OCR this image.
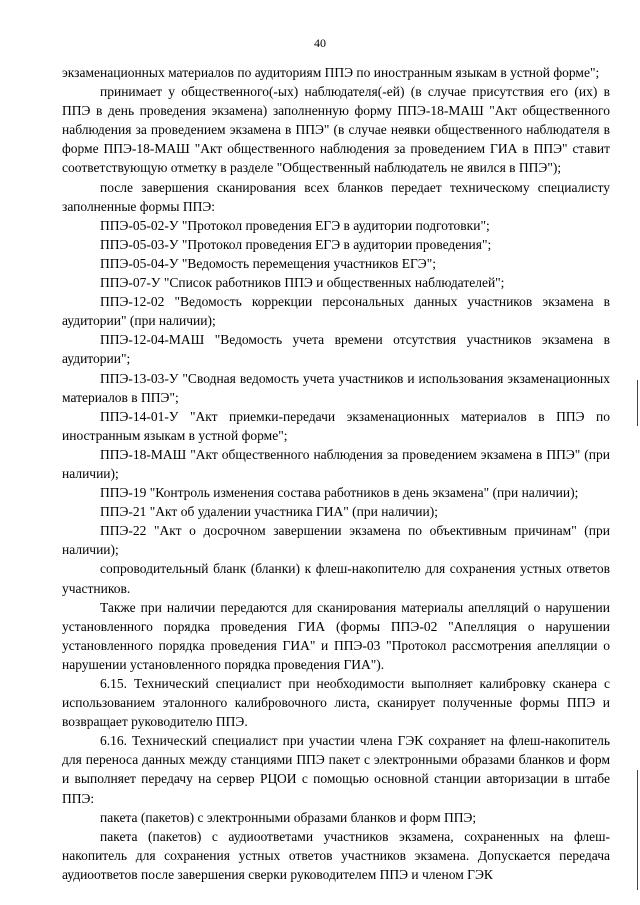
40

экзаменационных материалов по аудиториям ППЭ по иностранным языкам в устной форме";

принимает у общественного(-ых) наблюдателя(-ей) (в случае присутствия его (их) в ППЭ в день проведения экзамена) заполненную форму ППЭ-18-МАШ "Акт общественного наблюдения за проведением экзамена в ППЭ" (в случае неявки общественного наблюдателя в форме ППЭ-18-МАШ "Акт общественного наблюдения за проведением ГИА в ППЭ" ставит соответствующую отметку в разделе "Общественный наблюдатель не явился в ППЭ");

после завершения сканирования всех бланков передает техническому специалисту заполненные формы ППЭ:

ППЭ-05-02-У "Протокол проведения ЕГЭ в аудитории подготовки";

ППЭ-05-03-У "Протокол проведения ЕГЭ в аудитории проведения";

ППЭ-05-04-У "Ведомость перемещения участников ЕГЭ";

ППЭ-07-У "Список работников ППЭ и общественных наблюдателей";

ППЭ-12-02 "Ведомость коррекции персональных данных участников экзамена в аудитории" (при наличии);

ППЭ-12-04-МАШ "Ведомость учета времени отсутствия участников экзамена в аудитории";

ППЭ-13-03-У "Сводная ведомость учета участников и использования экзаменационных материалов в ППЭ";

ППЭ-14-01-У "Акт приемки-передачи экзаменационных материалов в ППЭ по иностранным языкам в устной форме";

ППЭ-18-МАШ "Акт общественного наблюдения за проведением экзамена в ППЭ" (при наличии);

ППЭ-19 "Контроль изменения состава работников в день экзамена" (при наличии);

ППЭ-21 "Акт об удалении участника ГИА" (при наличии);

ППЭ-22 "Акт о досрочном завершении экзамена по объективным причинам" (при наличии);

сопроводительный бланк (бланки) к флеш-накопителю для сохранения устных ответов участников.

Также при наличии передаются для сканирования материалы апелляций о нарушении установленного порядка проведения ГИА (формы ППЭ-02 "Апелляция о нарушении установленного порядка проведения ГИА" и ППЭ-03 "Протокол рассмотрения апелляции о нарушении установленного порядка проведения ГИА").

6.15. Технический специалист при необходимости выполняет калибровку сканера с использованием эталонного калибровочного листа, сканирует полученные формы ППЭ и возвращает руководителю ППЭ.

6.16. Технический специалист при участии члена ГЭК сохраняет на флеш-накопитель для переноса данных между станциями ППЭ пакет с электронными образами бланков и форм и выполняет передачу на сервер РЦОИ с помощью основной станции авторизации в штабе ППЭ:

пакета (пакетов) с электронными образами бланков и форм ППЭ;

пакета (пакетов) с аудиоответами участников экзамена, сохраненных на флеш-накопитель для сохранения устных ответов участников экзамена. Допускается передача аудиоответов после завершения сверки руководителем ППЭ и членом ГЭК
